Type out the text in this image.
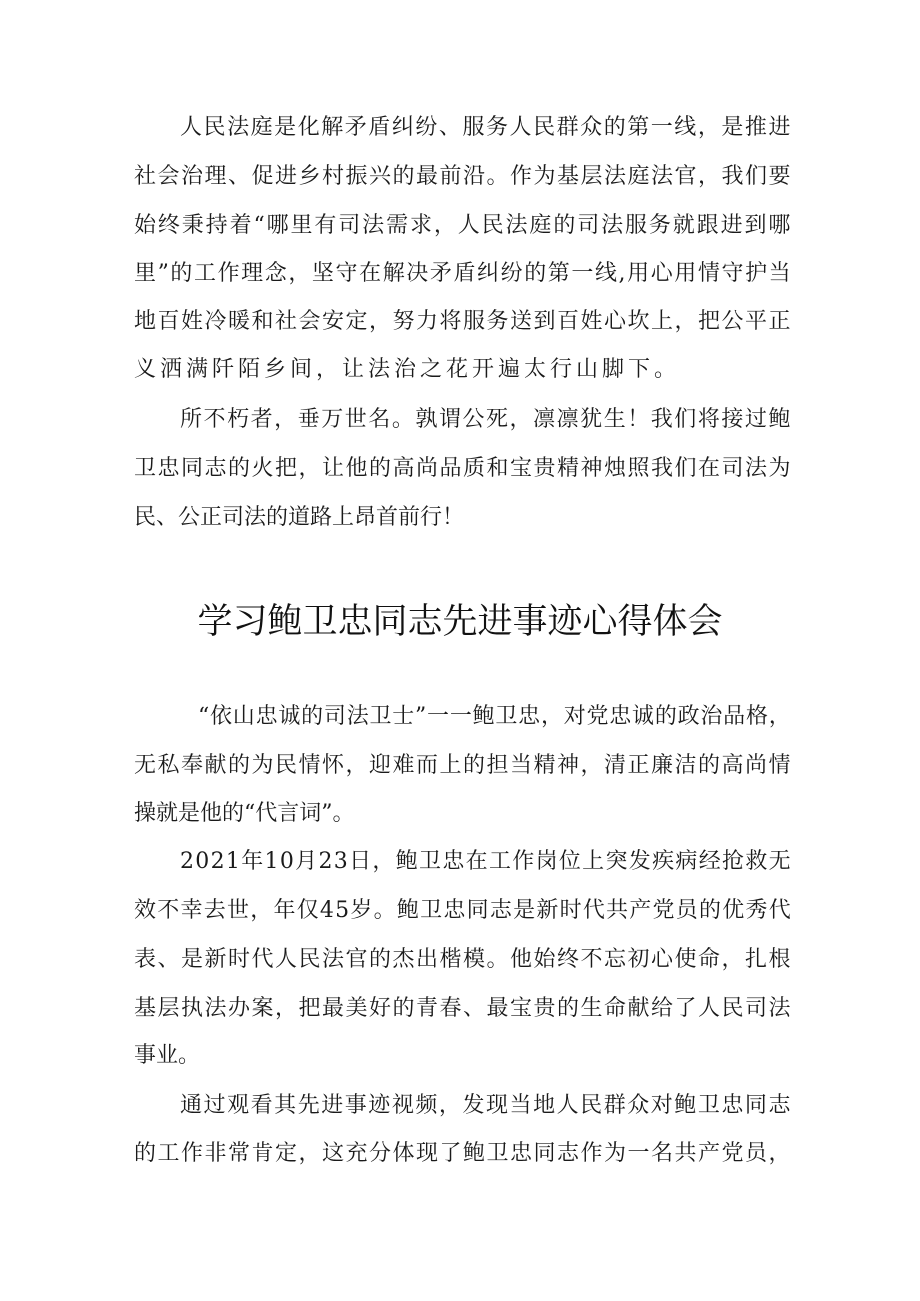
人民法庭是化解矛盾纠纷、服务人民群众的第一线，是推进
社会治理、促进乡村振兴的最前沿。作为基层法庭法官，我们要
始终秉持着“哪里有司法需求，人民法庭的司法服务就跟进到哪
里”的工作理念，坚守在解决矛盾纠纷的第一线,用心用情守护当
地百姓冷暖和社会安定，努力将服务送到百姓心坎上，把公平正
义洒满阡陌乡间，让法治之花开遍太行山脚下。
所不朽者，垂万世名。孰谓公死，凛凛犹生！我们将接过鲍
卫忠同志的火把，让他的高尚品质和宝贵精神烛照我们在司法为
民、公正司法的道路上昂首前行！
学习鲍卫忠同志先进事迹心得体会
“依山忠诚的司法卫士”一一鲍卫忠，对党忠诚的政治品格，
无私奉献的为民情怀，迎难而上的担当精神，清正廉洁的高尚情
操就是他的“代言词”。
2021年10月23日，鲍卫忠在工作岗位上突发疾病经抢救无
效不幸去世，年仅45岁。鲍卫忠同志是新时代共产党员的优秀代
表、是新时代人民法官的杰出楷模。他始终不忘初心使命，扎根
基层执法办案，把最美好的青春、最宝贵的生命献给了人民司法
事业。
通过观看其先进事迹视频，发现当地人民群众对鲍卫忠同志
的工作非常肯定，这充分体现了鲍卫忠同志作为一名共产党员，
